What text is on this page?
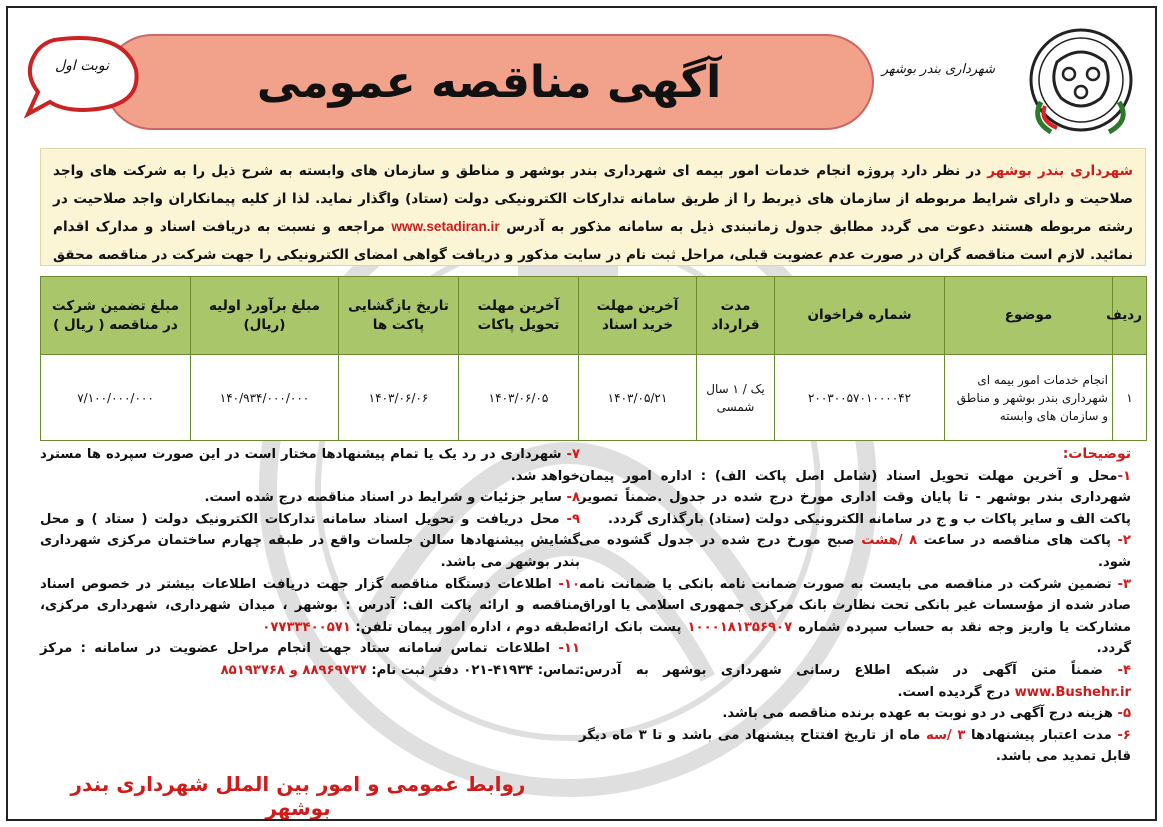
شهرداری بندر بوشهر
آگهی مناقصه عمومی
نوبت اول
شهرداری بندر بوشهر در نظر دارد پروژه انجام خدمات امور بیمه ای شهرداری بندر بوشهر و مناطق و سازمان های وابسته به شرح ذیل را به شرکت های واجد صلاحیت و دارای شرایط مربوطه از سازمان های ذیربط را از طریق سامانه تدارکات الکترونیکی دولت (ستاد) واگذار نماید. لذا از کلیه پیمانکاران واجد صلاحیت در رشته مربوطه هستند دعوت می گردد مطابق جدول زمانبندی ذیل به سامانه مذکور به آدرس www.setadiran.ir مراجعه و نسبت به دریافت اسناد و مدارک اقدام نمائید. لازم است مناقصه گران در صورت عدم عضویت قبلی، مراحل ثبت نام در سایت مذکور و دریافت گواهی امضای الکترونیکی را جهت شرکت در مناقصه محقق
ردیف	موضوع	شماره فراخوان	مدت قرارداد	آخرین مهلت خرید اسناد	آخرین مهلت تحویل پاکات	تاریخ بازگشایی پاکت ها	مبلغ برآورد اولیه (ریال)	مبلغ تضمین شرکت در مناقصه ( ریال )
۱	انجام خدمات امور بیمه ای شهرداری بندر بوشهر و مناطق و سازمان های وابسته	۲۰۰۳۰۰۵۷۰۱۰۰۰۰۴۲	یک / ۱ سال شمسی	۱۴۰۳/۰۵/۲۱	۱۴۰۳/۰۶/۰۵	۱۴۰۳/۰۶/۰۶	۱۴۰/۹۳۴/۰۰۰/۰۰۰	۷/۱۰۰/۰۰۰/۰۰۰
توضیحات:
۱-محل و آخرین مهلت تحویل اسناد (شامل اصل پاکت الف) : اداره امور پیمان شهرداری بندر بوشهر - تا پایان وقت اداری مورخ درج شده در جدول .ضمناً تصویر پاکت الف و سایر پاکات ب و ج در سامانه الکترونیکی دولت (ستاد) بارگذاری گردد.
۲- پاکت های مناقصه در ساعت ۸ /هشت صبح مورخ درج شده در جدول گشوده می شود.
۳- تضمین شرکت در مناقصه می بایست به صورت ضمانت نامه بانکی یا ضمانت نامه صادر شده از مؤسسات غیر بانکی تحت نظارت بانک مرکزی جمهوری اسلامی یا اوراق مشارکت یا واریز وجه نقد به حساب سپرده شماره ۱۰۰۰۱۸۱۳۵۶۹۰۷ پست بانک ارائه گردد.
۴- ضمناً متن آگهی در شبکه اطلاع رسانی شهرداری بوشهر به آدرس: www.Bushehr.ir درج گردیده است.
۵- هزینه درج آگهی در دو نوبت به عهده برنده مناقصه می باشد.
۶- مدت اعتبار پیشنهادها ۳ /سه ماه از تاریخ افتتاح پیشنهاد می باشد و تا ۳ ماه دیگر قابل تمدید می باشد.
۷- شهرداری در رد یک یا تمام پیشنهادها مختار است در این صورت سپرده ها مسترد خواهد شد.
۸- سایر جزئیات و شرایط در اسناد مناقصه درج شده است.
۹- محل دریافت و تحویل اسناد سامانه تدارکات الکترونیک دولت ( ستاد ) و محل گشایش پیشنهادها سالن جلسات واقع در طبقه چهارم ساختمان مرکزی شهرداری بندر بوشهر می باشد.
۱۰- اطلاعات دستگاه مناقصه گزار جهت دریافت اطلاعات بیشتر در خصوص اسناد مناقصه و ارائه پاکت الف: آدرس : بوشهر ، میدان شهرداری، شهرداری مرکزی، طبقه دوم ، اداره امور پیمان تلفن: ۰۷۷۳۳۴۰۰۵۷۱
۱۱- اطلاعات تماس سامانه ستاد جهت انجام مراحل عضویت در سامانه : مرکز تماس: ۴۱۹۳۴-۰۲۱ دفتر ثبت نام: ۸۸۹۶۹۷۳۷ و ۸۵۱۹۳۷۶۸
روابط عمومی و امور بین الملل شهرداری بندر بوشهر
